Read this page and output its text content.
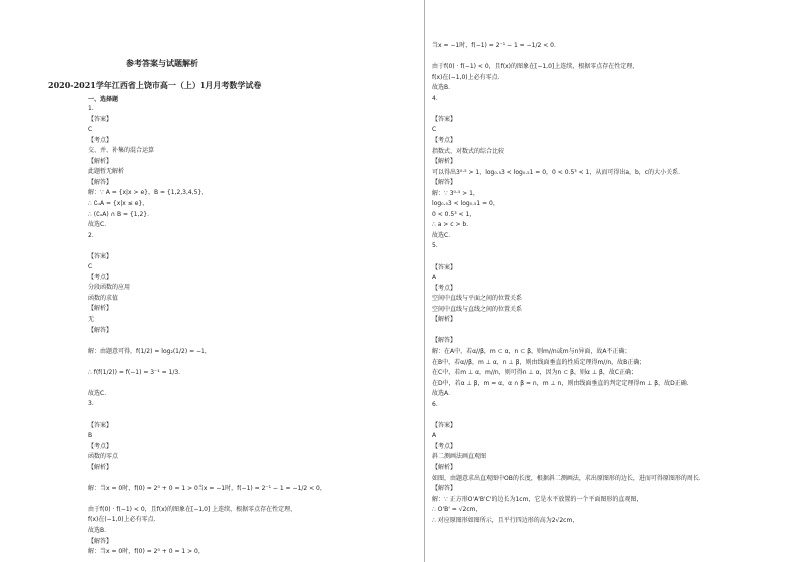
参考答案与试题解析
2020-2021学年江西省上饶市高一（上）1月月考数学试卷
一、选择题
1.
【答案】
C
【考点】
交、并、补集的混合运算
【解析】
此题暂无解析
【解答】
解：∵ A = {x|x > e}，B = {1,2,3,4,5}，
∴ ∁ᵤA = {x|x ≤ e}，
∴ (∁ᵤA) ∩ B = {1,2}．
故选C．
2.
【答案】
C
【考点】
分段函数的应用
函数的求值
【解析】
无
【解答】
解：由题意可得，f(1/2) = log₂(1/2) = −1，
∴ f(f(1/2)) = f(−1) = 3⁻¹ = 1/3．
故选C．
3.
【答案】
B
【考点】
函数的零点
【解析】
解：当x = 0时，f(0) = 2⁰ + 0 = 1 > 0当x = −1时，f(−1) = 2⁻¹ − 1 = −1/2 < 0，
由于f(0) · f(−1) < 0，且f(x)的图象在[−1,0] 上连续，根据零点存在性定理，
f(x)在(−1,0)上必有零点．
故选B．
【解答】
解：当x = 0时，f(0) = 2⁰ + 0 = 1 > 0，
当x = −1时，f(−1) = 2⁻¹ − 1 = −1/2 < 0．
由于f(0) · f(−1) < 0，且f(x)的图象在[−1,0]上连续，根据零点存在性定理，
f(x)在(−1,0)上必有零点．
故选B．
4.
【答案】
C
【考点】
指数式、对数式的综合比较
【解析】
可以得出3⁰·⁵ > 1，log₀.₅3 < log₀.₅1 = 0，0 < 0.5³ < 1，从而可得出a，b，c的大小关系．
【解答】
解：∵ 3⁰·⁵ > 1，
log₀.₅3 < log₀.₅1 = 0，
0 < 0.5³ < 1，
∴ a > c > b．
故选C．
5.
【答案】
A
【考点】
空间中直线与平面之间的位置关系
空间中直线与直线之间的位置关系
【解析】
【解答】
解：在A中，若α//β，m ⊂ α，n ⊂ β，则m//n或m与n异面，故A不正确；
在B中，若α//β，m ⊥ α，n ⊥ β，则由线面垂直的性质定理得m//n，故B正确；
在C中，若m ⊥ α，m//n，则可得n ⊥ α，因为n ⊂ β，则α ⊥ β，故C正确；
在D中，若α ⊥ β，m = α，α ∩ β = n，m ⊥ n，则由线面垂直的判定定理得m ⊥ β，故D正确．
故选A．
6.
【答案】
A
【考点】
斜二测画法画直观图
【解析】
如图，由题意求出直观图中OB的长度，根据斜二测画法，求出原图形的边长，进而可得原图形的周长．
【解答】
解：∵ 正方形O'A'B'C'的边长为1cm，它是水平放置的一个平面图形的直观图，
∴ O'B' = √2cm，
∴ 对应原图形如图所示，且平行四边形的高为2√2cm，
